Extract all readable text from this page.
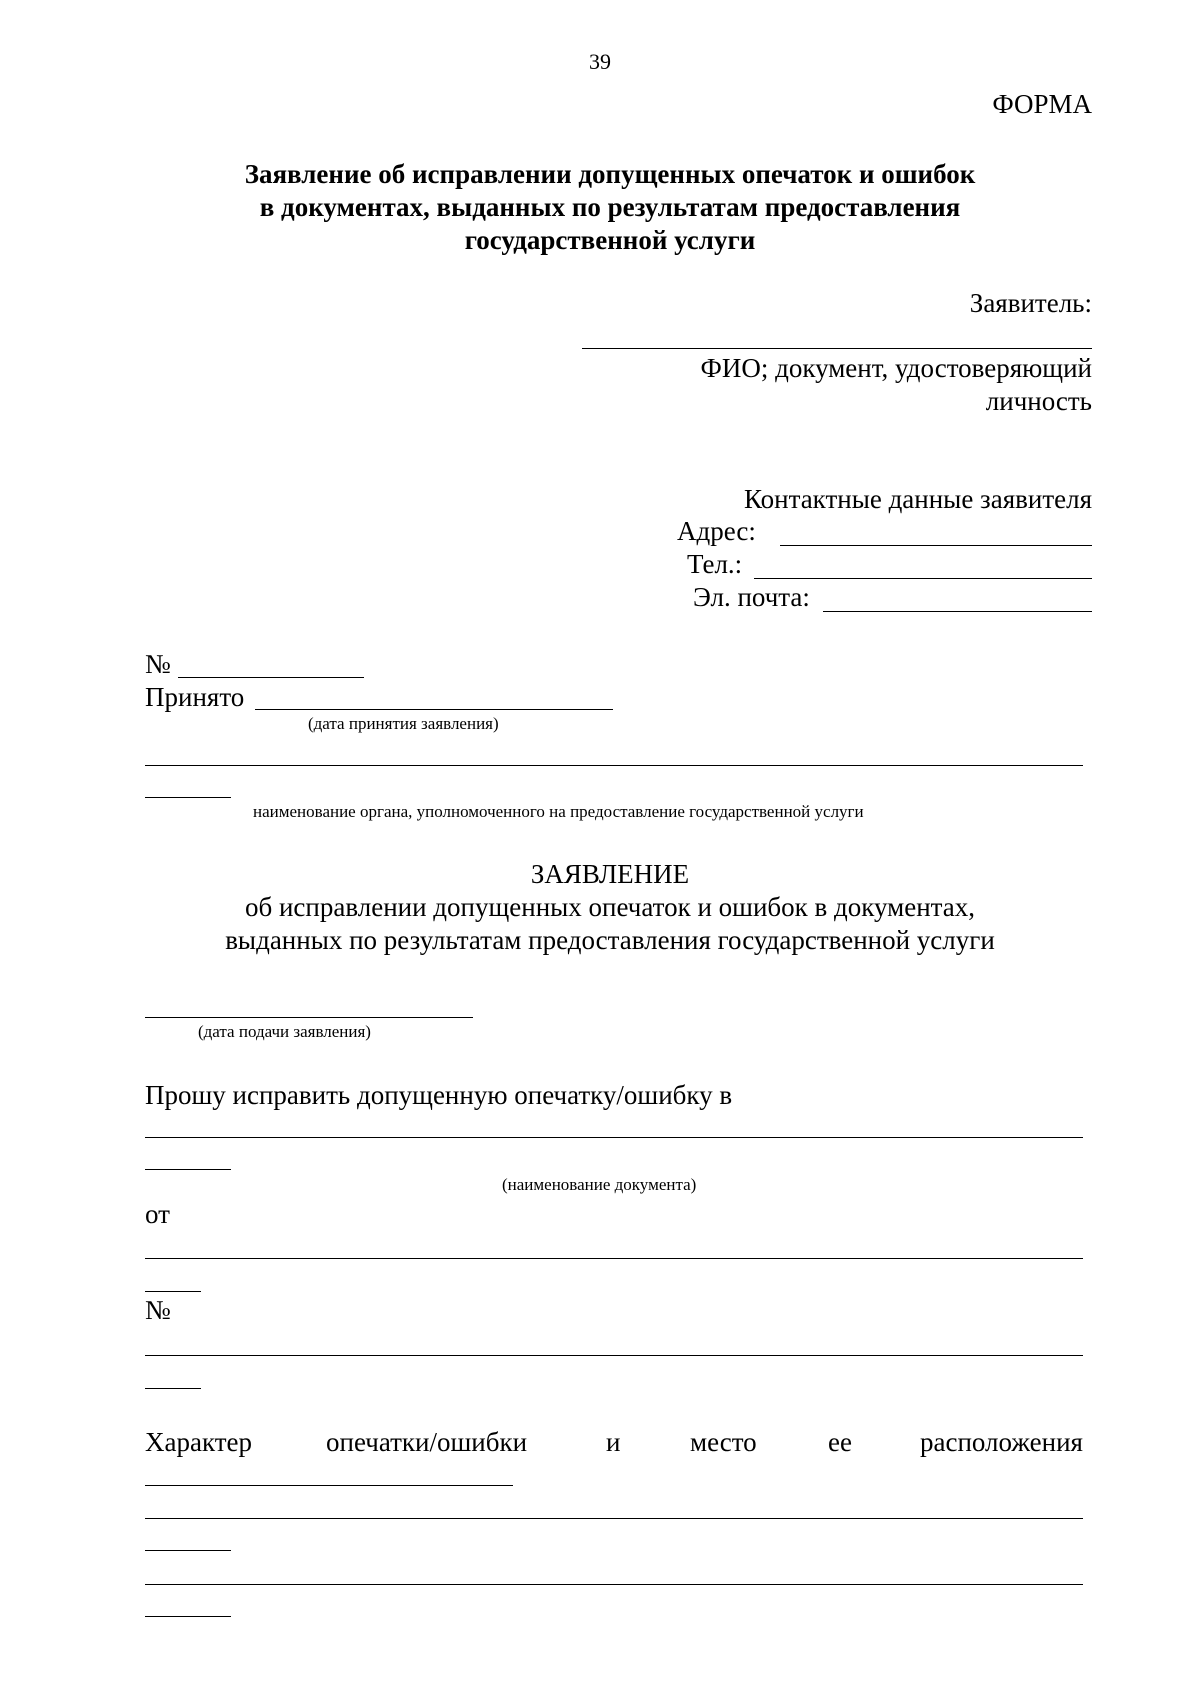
39
ФОРМА
Заявление об исправлении допущенных опечаток и ошибок
в документах, выданных по результатам предоставления
государственной услуги
Заявитель:
ФИО; документ, удостоверяющий
личность
Контактные данные заявителя
Адрес:
Тел.:
Эл. почта:
№
Принято
(дата принятия заявления)
наименование органа, уполномоченного на предоставление государственной услуги
ЗАЯВЛЕНИЕ
об исправлении допущенных опечаток и ошибок в документах,
выданных по результатам предоставления государственной услуги
(дата подачи заявления)
Прошу исправить допущенную опечатку/ошибку в
(наименование документа)
от
№
Характер	опечатки/ошибки	и	место	ее	расположения
